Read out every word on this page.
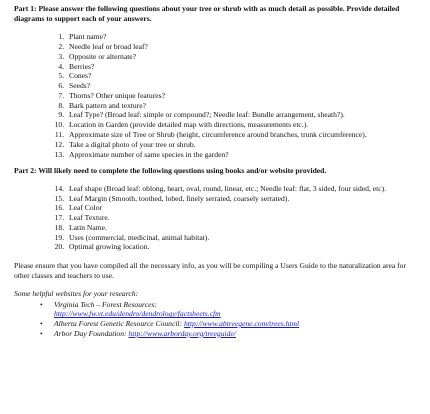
Part 1: Please answer the following questions about your tree or shrub with as much detail as possible. Provide detailed diagrams to support each of your answers.

1. Plant name?
2. Needle leaf or broad leaf?
3. Opposite or alternate?
4. Berries?
5. Cones?
6. Seeds?
7. Thorns? Other unique features?
8. Bark pattern and texture?
9. Leaf Type? (Broad leaf: simple or compound?; Needle leaf: Bundle arrangement, sheath?).
10. Location in Garden (provide detailed map with directions, measurements etc.).
11. Approximate size of Tree or Shrub (height, circumference around branches, trunk circumference).
12. Take a digital photo of your tree or shrub.
13. Approximate number of same species in the garden?

Part 2: Will likely need to complete the following questions using books and/or website provided.

14. Leaf shape (Broad leaf: oblong, heart, oval, round, linear, etc.; Needle leaf: flat, 3 sided, four sided, etc).
15. Leaf Margin (Smooth, toothed, lobed, finely serrated, coarsely serrated).
16. Leaf Color
17. Leaf Texture.
18. Latin Name.
19. Uses (commercial, medicinal, animal habitat).
20. Optimal growing location.

Please ensure that you have compiled all the necessary info, as you will be compiling a Users Guide to the naturalization area for other classes and teachers to use.

Some helpful websites for your research:

• Virginia Tech – Forest Resources:
http://www.fw.vt.edu/dendro/dendrology/factsheets.cfm
• Alberta Forest Genetic Resource Council: http://www.abtreegene.com/trees.html
• Arbor Day Foundation: http://www.arborday.org/treeguide/
